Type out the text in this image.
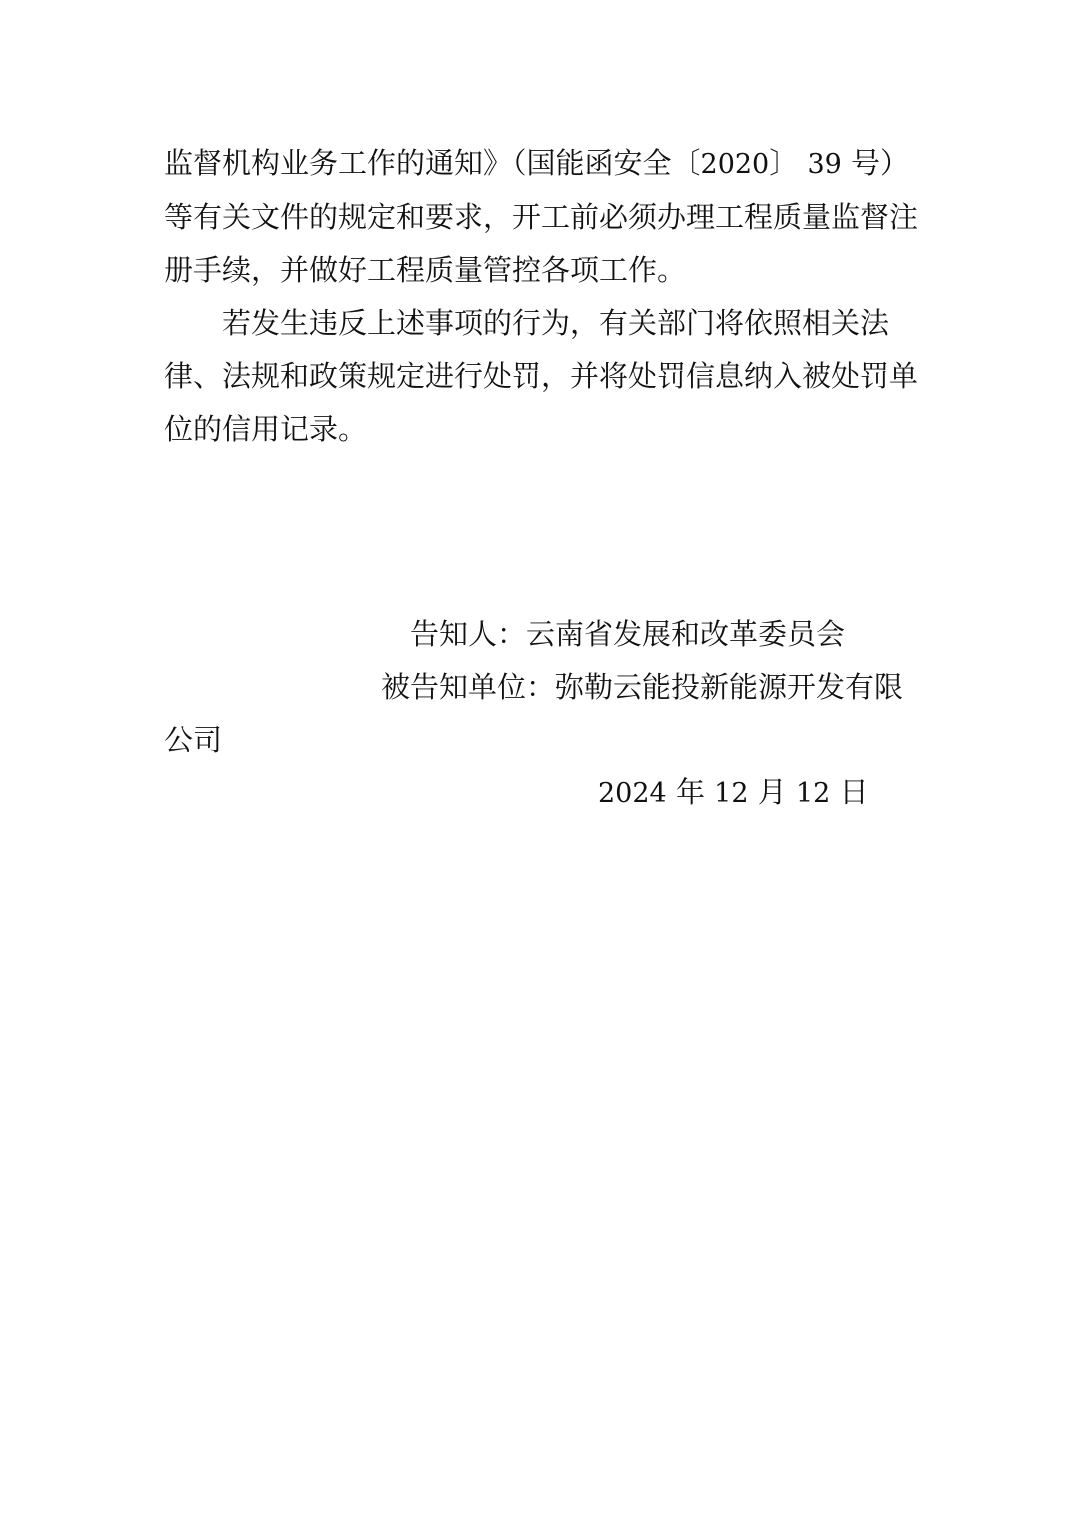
监督机构业务工作的通知》（国能函安全〔2020〕 39 号）等有关文件的规定和要求，开工前必须办理工程质量监督注册手续，并做好工程质量管控各项工作。

若发生违反上述事项的行为，有关部门将依照相关法律、法规和政策规定进行处罚，并将处罚信息纳入被处罚单位的信用记录。

告知人：云南省发展和改革委员会
被告知单位：弥勒云能投新能源开发有限
公司
2024 年 12 月 12 日
